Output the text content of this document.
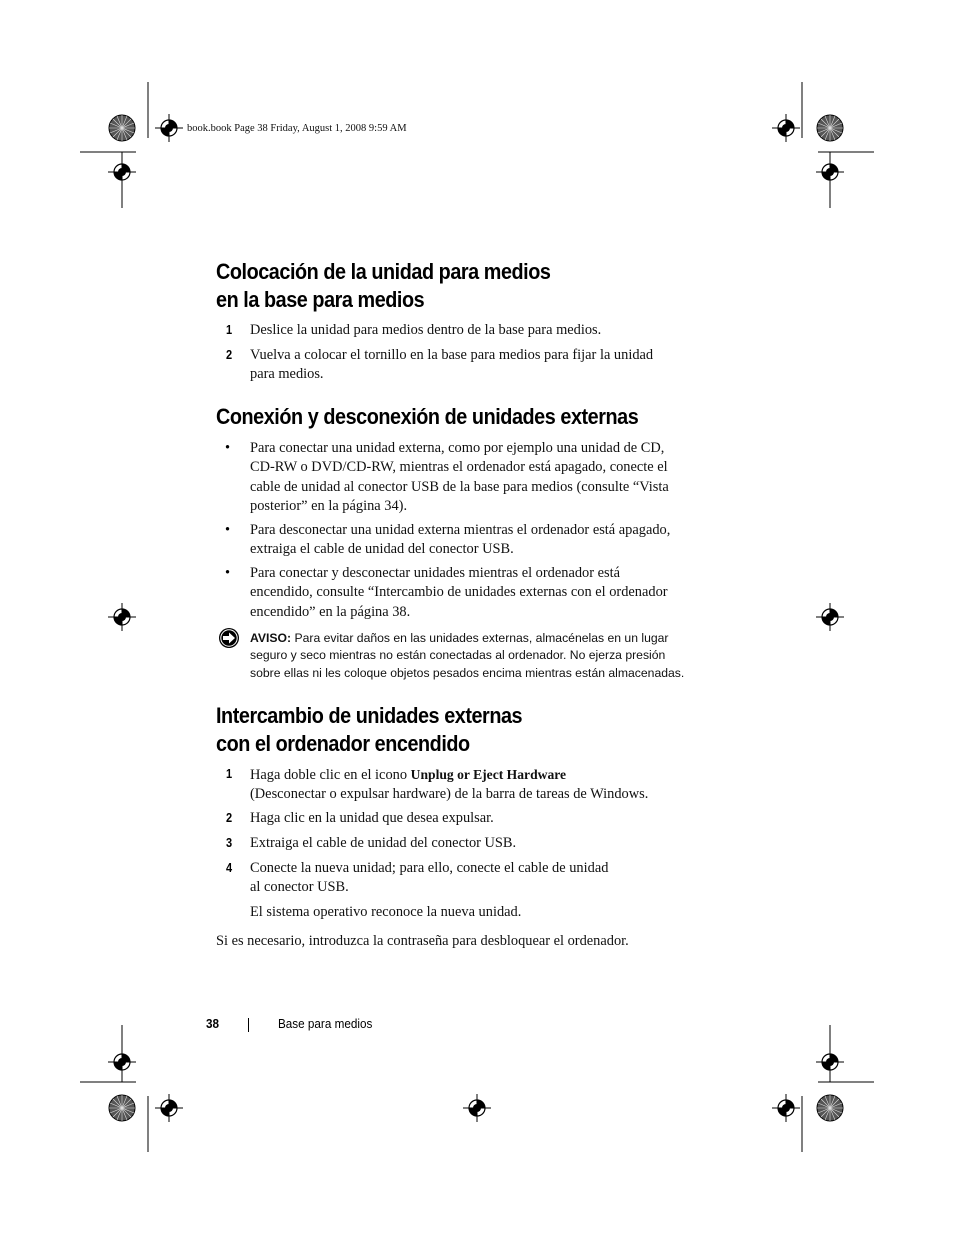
book.book Page 38 Friday, August 1, 2008 9:59 AM
Colocación de la unidad para medios
en la base para medios
1 Deslice la unidad para medios dentro de la base para medios.
2 Vuelva a colocar el tornillo en la base para medios para fijar la unidad
para medios.
Conexión y desconexión de unidades externas
• Para conectar una unidad externa, como por ejemplo una unidad de CD,
CD-RW o DVD/CD-RW, mientras el ordenador está apagado, conecte el
cable de unidad al conector USB de la base para medios (consulte “Vista
posterior” en la página 34).
• Para desconectar una unidad externa mientras el ordenador está apagado,
extraiga el cable de unidad del conector USB.
• Para conectar y desconectar unidades mientras el ordenador está
encendido, consulte “Intercambio de unidades externas con el ordenador
encendido” en la página 38.
AVISO: Para evitar daños en las unidades externas, almacénelas en un lugar
seguro y seco mientras no están conectadas al ordenador. No ejerza presión
sobre ellas ni les coloque objetos pesados encima mientras están almacenadas.
Intercambio de unidades externas
con el ordenador encendido
1 Haga doble clic en el icono Unplug or Eject Hardware
(Desconectar o expulsar hardware) de la barra de tareas de Windows.
2 Haga clic en la unidad que desea expulsar.
3 Extraiga el cable de unidad del conector USB.
4 Conecte la nueva unidad; para ello, conecte el cable de unidad
al conector USB.
El sistema operativo reconoce la nueva unidad.
Si es necesario, introduzca la contraseña para desbloquear el ordenador.
38	Base para medios
